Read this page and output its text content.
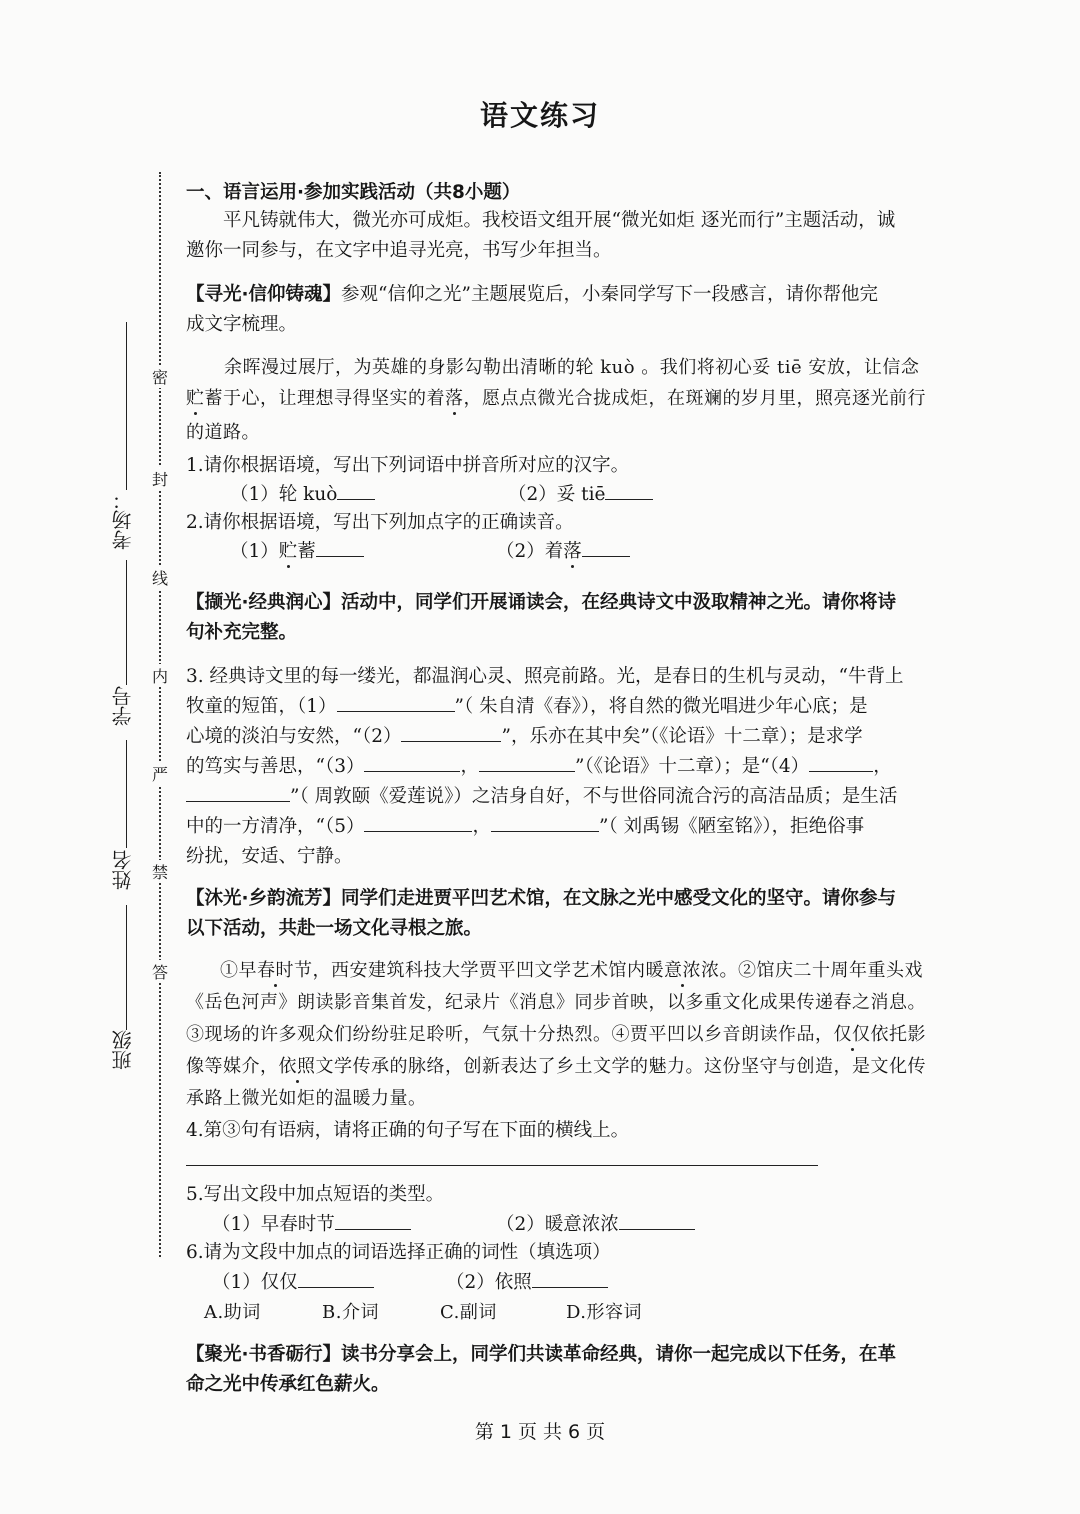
语文练习
密
封
线
内
严
禁
答
考场：
学号
姓名
班级
一、语言运用·参加实践活动（共8小题）
平凡铸就伟大，微光亦可成炬。我校语文组开展“微光如炬 逐光而行”主题活动，诚
邀你一同参与，在文字中追寻光亮，书写少年担当。
【寻光·信仰铸魂】参观“信仰之光”主题展览后，小秦同学写下一段感言，请你帮他完
成文字梳理。
余晖漫过展厅，为英雄的身影勾勒出清晰的轮 kuò 。我们将初心妥 tiē 安放，让信念
贮蓄于心，让理想寻得坚实的着落，愿点点微光合拢成炬，在斑斓的岁月里，照亮逐光前行
的道路。
1.请你根据语境，写出下列词语中拼音所对应的汉字。
（1）轮 kuò	（2）妥 tiē
2.请你根据语境，写出下列加点字的正确读音。
（1）贮蓄	（2）着落
【撷光·经典润心】活动中，同学们开展诵读会，在经典诗文中汲取精神之光。请你将诗
句补充完整。
3. 经典诗文里的每一缕光，都温润心灵、照亮前路。光，是春日的生机与灵动，“牛背上
牧童的短笛，（1）	”（ 朱自清《春》），将自然的微光唱进少年心底；是
心境的淡泊与安然，“（2）	”，乐亦在其中矣”（《论语》十二章）；是求学
的笃实与善思，“（3）	，	”（《论语》十二章）；是“（4）	，
”（ 周敦颐《爱莲说》）之洁身自好，不与世俗同流合污的高洁品质；是生活
中的一方清净，“（5）	，	”（ 刘禹锡《陋室铭》），拒绝俗事
纷扰，安适、宁静。
【沐光·乡韵流芳】同学们走进贾平凹艺术馆，在文脉之光中感受文化的坚守。请你参与
以下活动，共赴一场文化寻根之旅。
①早春时节，西安建筑科技大学贾平凹文学艺术馆内暖意浓浓。②馆庆二十周年重头戏
《岳色河声》朗读影音集首发，纪录片《消息》同步首映，以多重文化成果传递春之消息。
③现场的许多观众们纷纷驻足聆听，气氛十分热烈。④贾平凹以乡音朗读作品，仅仅依托影
像等媒介，依照文学传承的脉络，创新表达了乡土文学的魅力。这份坚守与创造，是文化传
承路上微光如炬的温暖力量。
4.第③句有语病，请将正确的句子写在下面的横线上。
5.写出文段中加点短语的类型。
（1）早春时节	（2）暖意浓浓
6.请为文段中加点的词语选择正确的词性（填选项）
（1）仅仅	（2）依照
A.助词	B.介词	C.副词	D.形容词
【聚光·书香砺行】读书分享会上，同学们共读革命经典，请你一起完成以下任务，在革
命之光中传承红色薪火。
第 1 页 共 6 页
